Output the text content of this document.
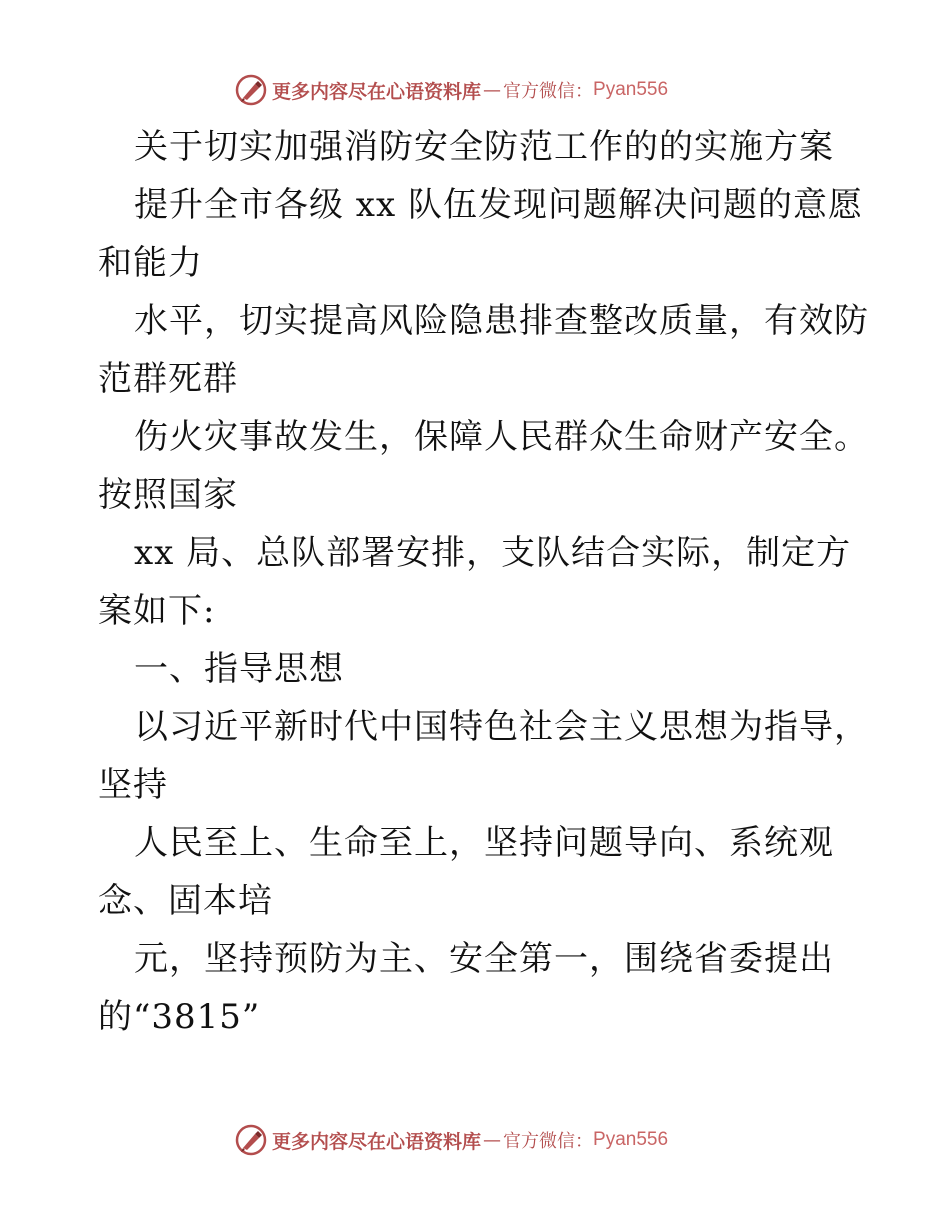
更多内容尽在心语资料库 — 官方微信： Pyan556
关于切实加强消防安全防范工作的的实施方案
提升全市各级 xx 队伍发现问题解决问题的意愿
和能力
水平，切实提高风险隐患排查整改质量，有效防
范群死群
伤火灾事故发生，保障人民群众生命财产安全。
按照国家
xx 局、总队部署安排，支队结合实际，制定方
案如下:
一、指导思想
以习近平新时代中国特色社会主义思想为指导，
坚持
人民至上、生命至上，坚持问题导向、系统观
念、固本培
元，坚持预防为主、安全第一，围绕省委提出
的“3815”
更多内容尽在心语资料库 — 官方微信： Pyan556
